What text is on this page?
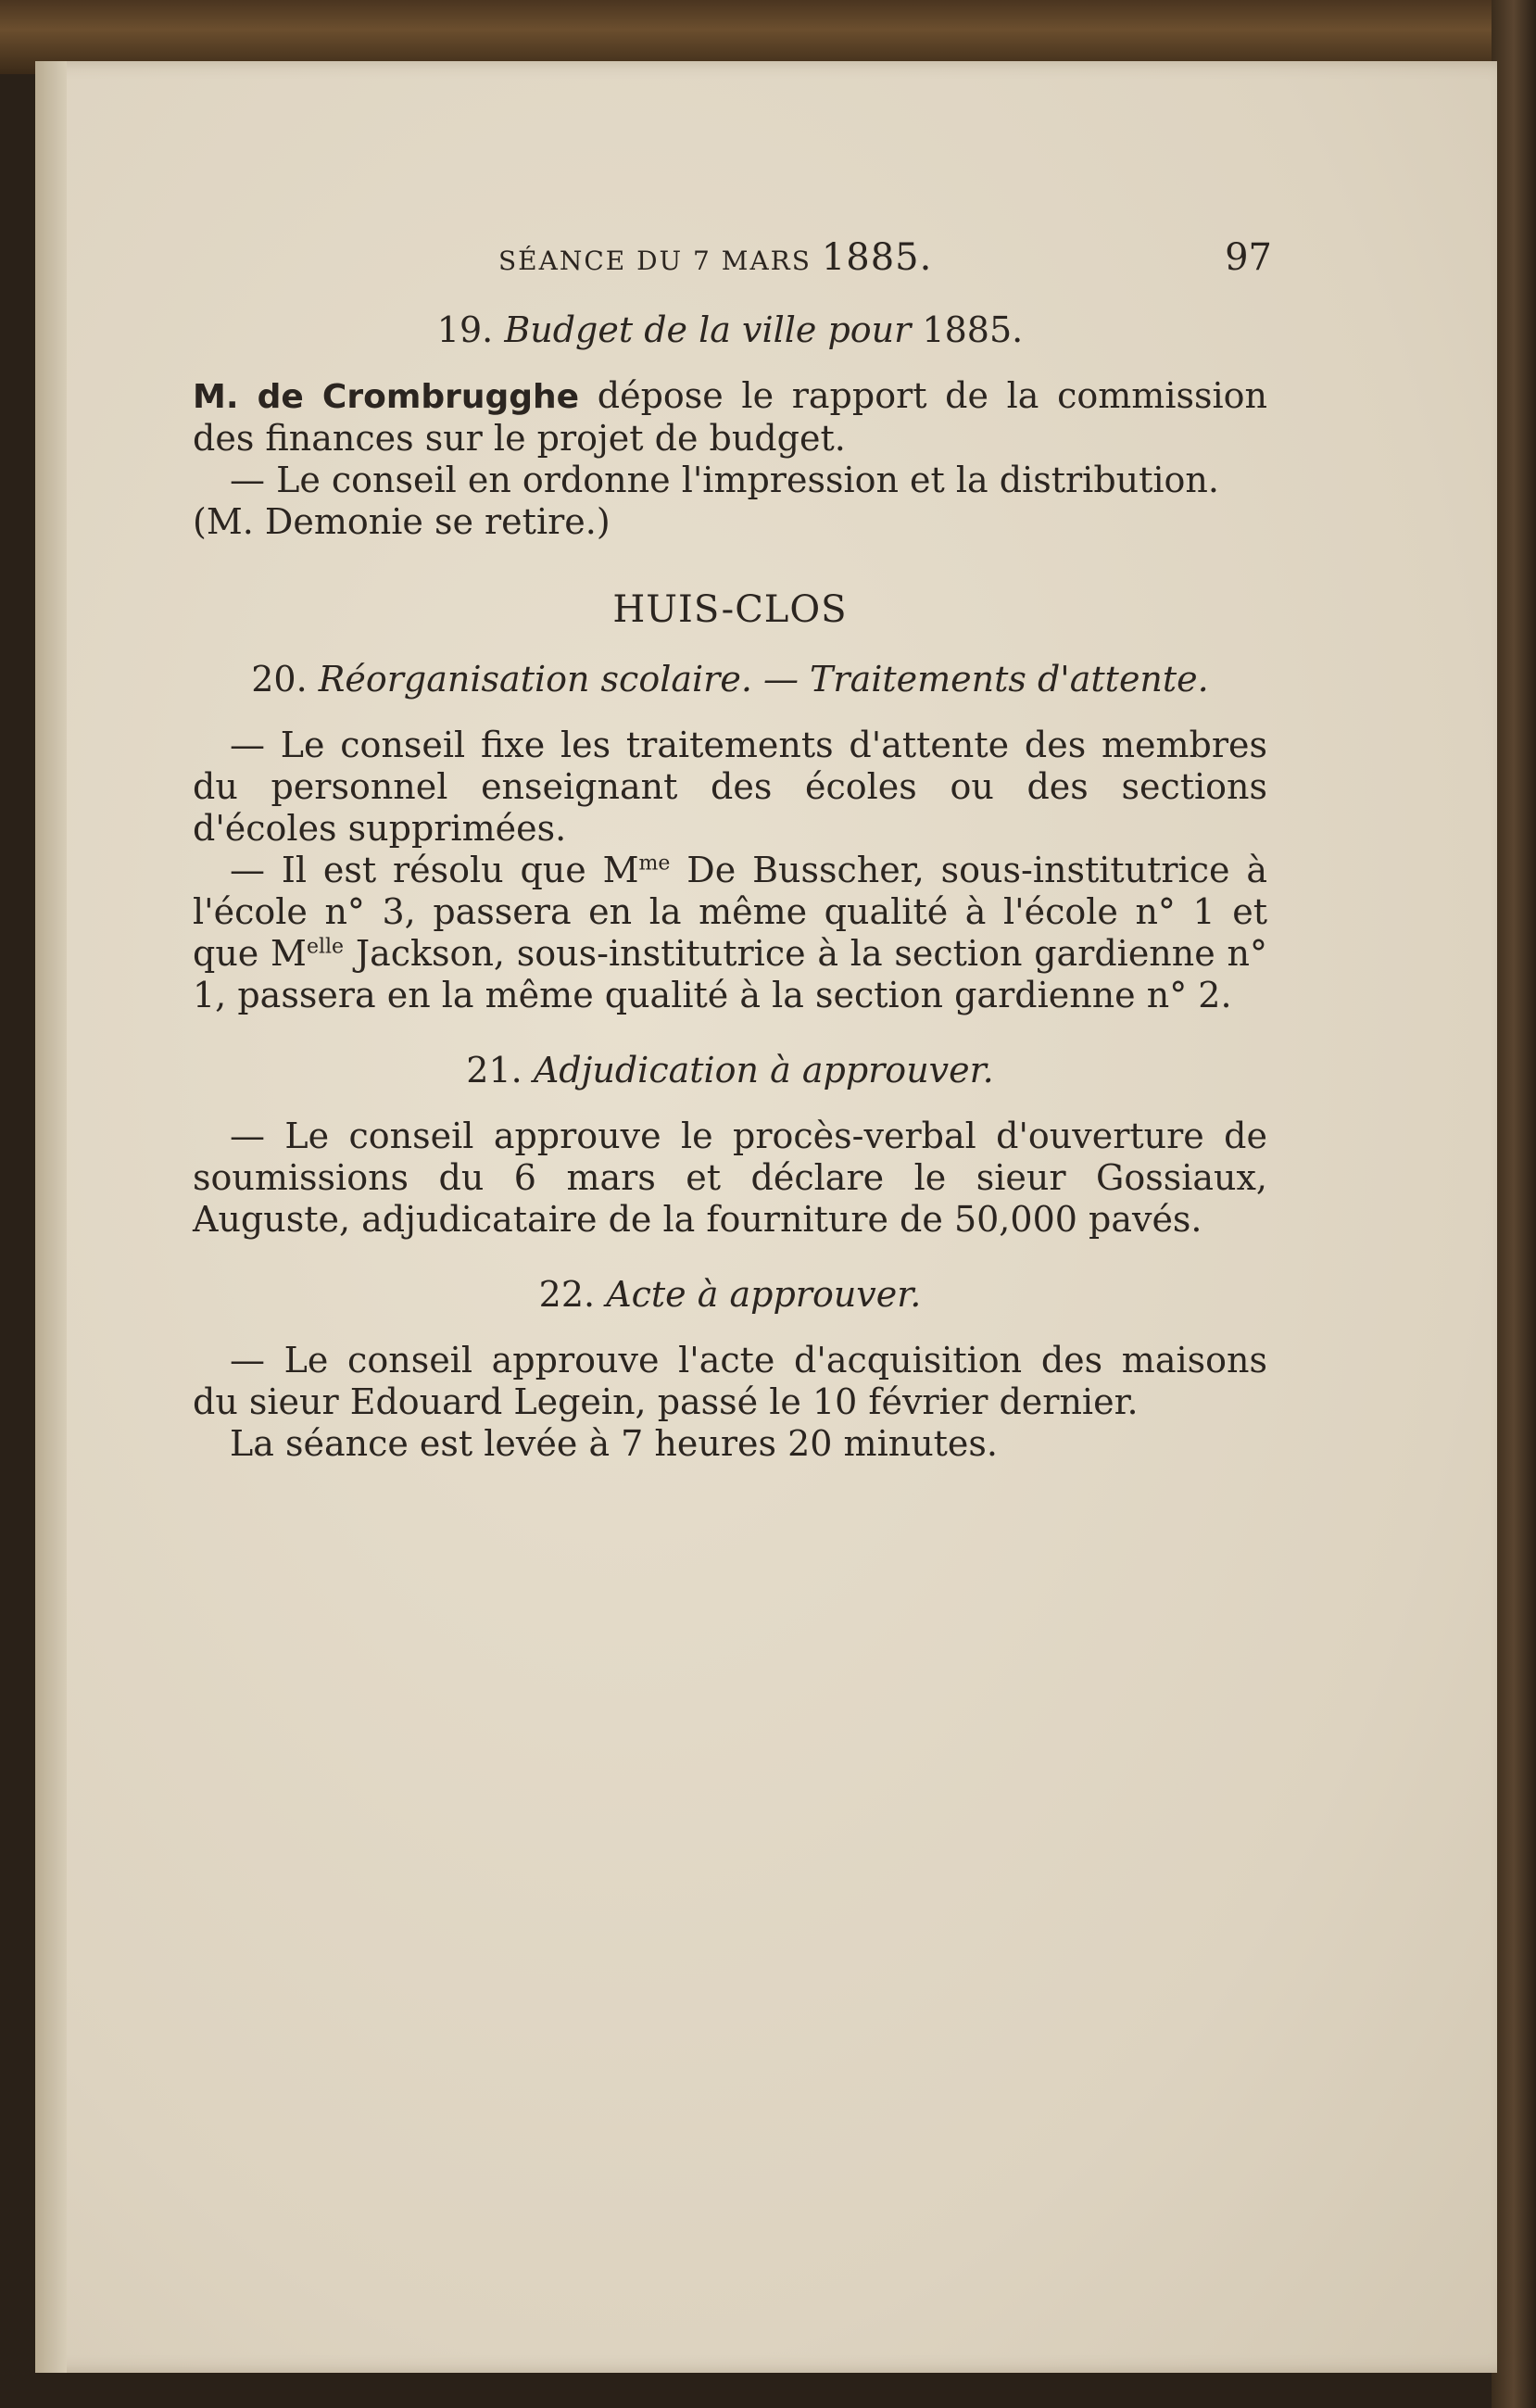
SÉANCE DU 7 MARS 1885.	97
19. Budget de la ville pour 1885.

M. de Crombrugghe dépose le rapport de la commission des finances sur le projet de budget.

— Le conseil en ordonne l'impression et la distribution.

(M. Demonie se retire.)

HUIS-CLOS
20. Réorganisation scolaire. — Traitements d'attente.

— Le conseil fixe les traitements d'attente des membres du personnel enseignant des écoles ou des sections d'écoles supprimées.

— Il est résolu que $M^{me}$ De Busscher, sous-institutrice à l'école n° 3, passera en la même qualité à l'école n° 1 et que $M^{elle}$ Jackson, sous-institutrice à la section gardienne n° 1, passera en la même qualité à la section gardienne n° 2.

21. Adjudication à approuver.

— Le conseil approuve le procès-verbal d'ouverture de soumissions du 6 mars et déclare le sieur Gossiaux, Auguste, adjudicataire de la fourniture de 50,000 pavés.

22. Acte à approuver.

— Le conseil approuve l'acte d'acquisition des maisons du sieur Edouard Legein, passé le 10 février dernier.

La séance est levée à 7 heures 20 minutes.
